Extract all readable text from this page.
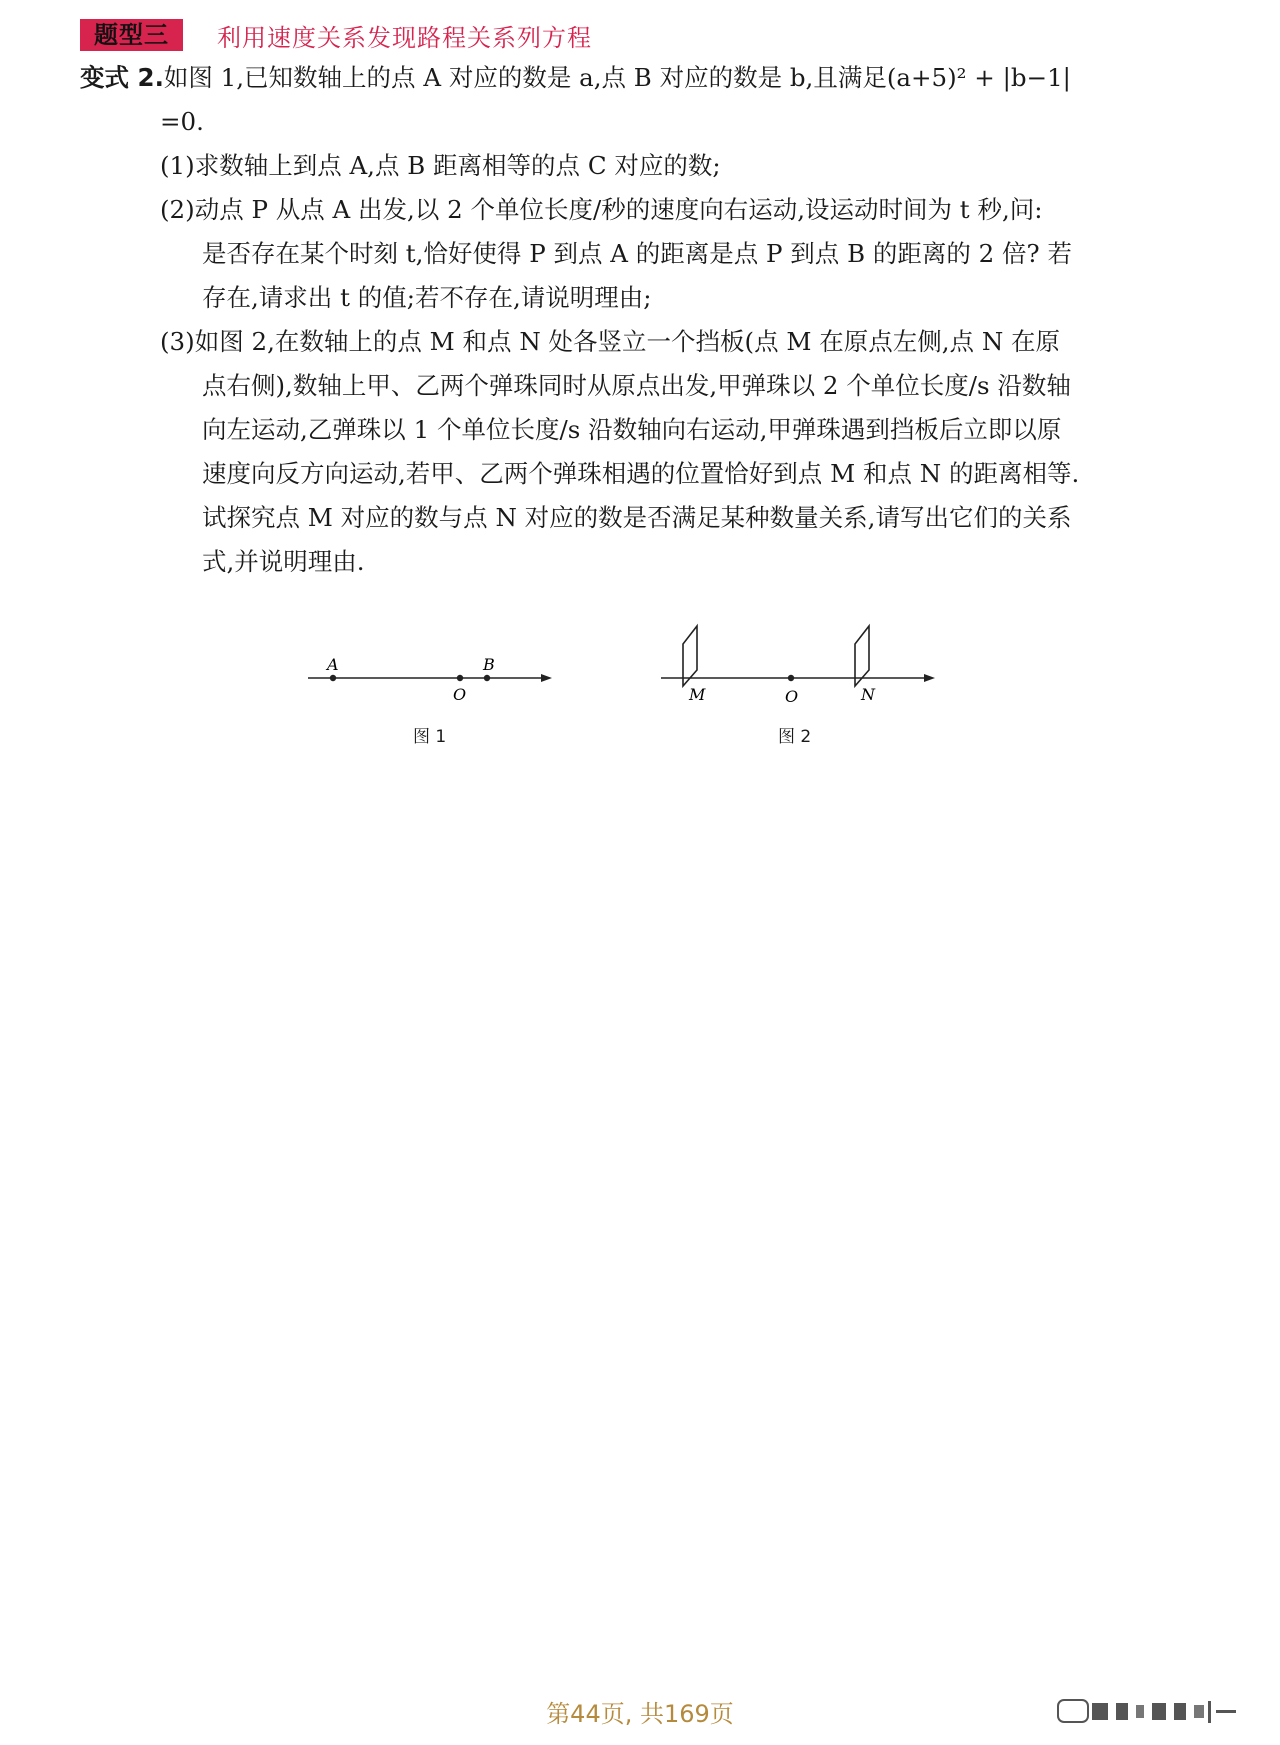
题型三	利用速度关系发现路程关系列方程
变式 2.如图 1,已知数轴上的点 A 对应的数是 a,点 B 对应的数是 b,且满足(a+5)² + |b−1|
=0.
(1)求数轴上到点 A,点 B 距离相等的点 C 对应的数;
(2)动点 P 从点 A 出发,以 2 个单位长度/秒的速度向右运动,设运动时间为 t 秒,问:
是否存在某个时刻 t,恰好使得 P 到点 A 的距离是点 P 到点 B 的距离的 2 倍? 若
存在,请求出 t 的值;若不存在,请说明理由;
(3)如图 2,在数轴上的点 M 和点 N 处各竖立一个挡板(点 M 在原点左侧,点 N 在原
点右侧),数轴上甲、乙两个弹珠同时从原点出发,甲弹珠以 2 个单位长度/s 沿数轴
向左运动,乙弹珠以 1 个单位长度/s 沿数轴向右运动,甲弹珠遇到挡板后立即以原
速度向反方向运动,若甲、乙两个弹珠相遇的位置恰好到点 M 和点 N 的距离相等.
试探究点 M 对应的数与点 N 对应的数是否满足某种数量关系,请写出它们的关系
式,并说明理由.
A	B
O
图 1
M	O	N
图 2
第44页, 共169页
